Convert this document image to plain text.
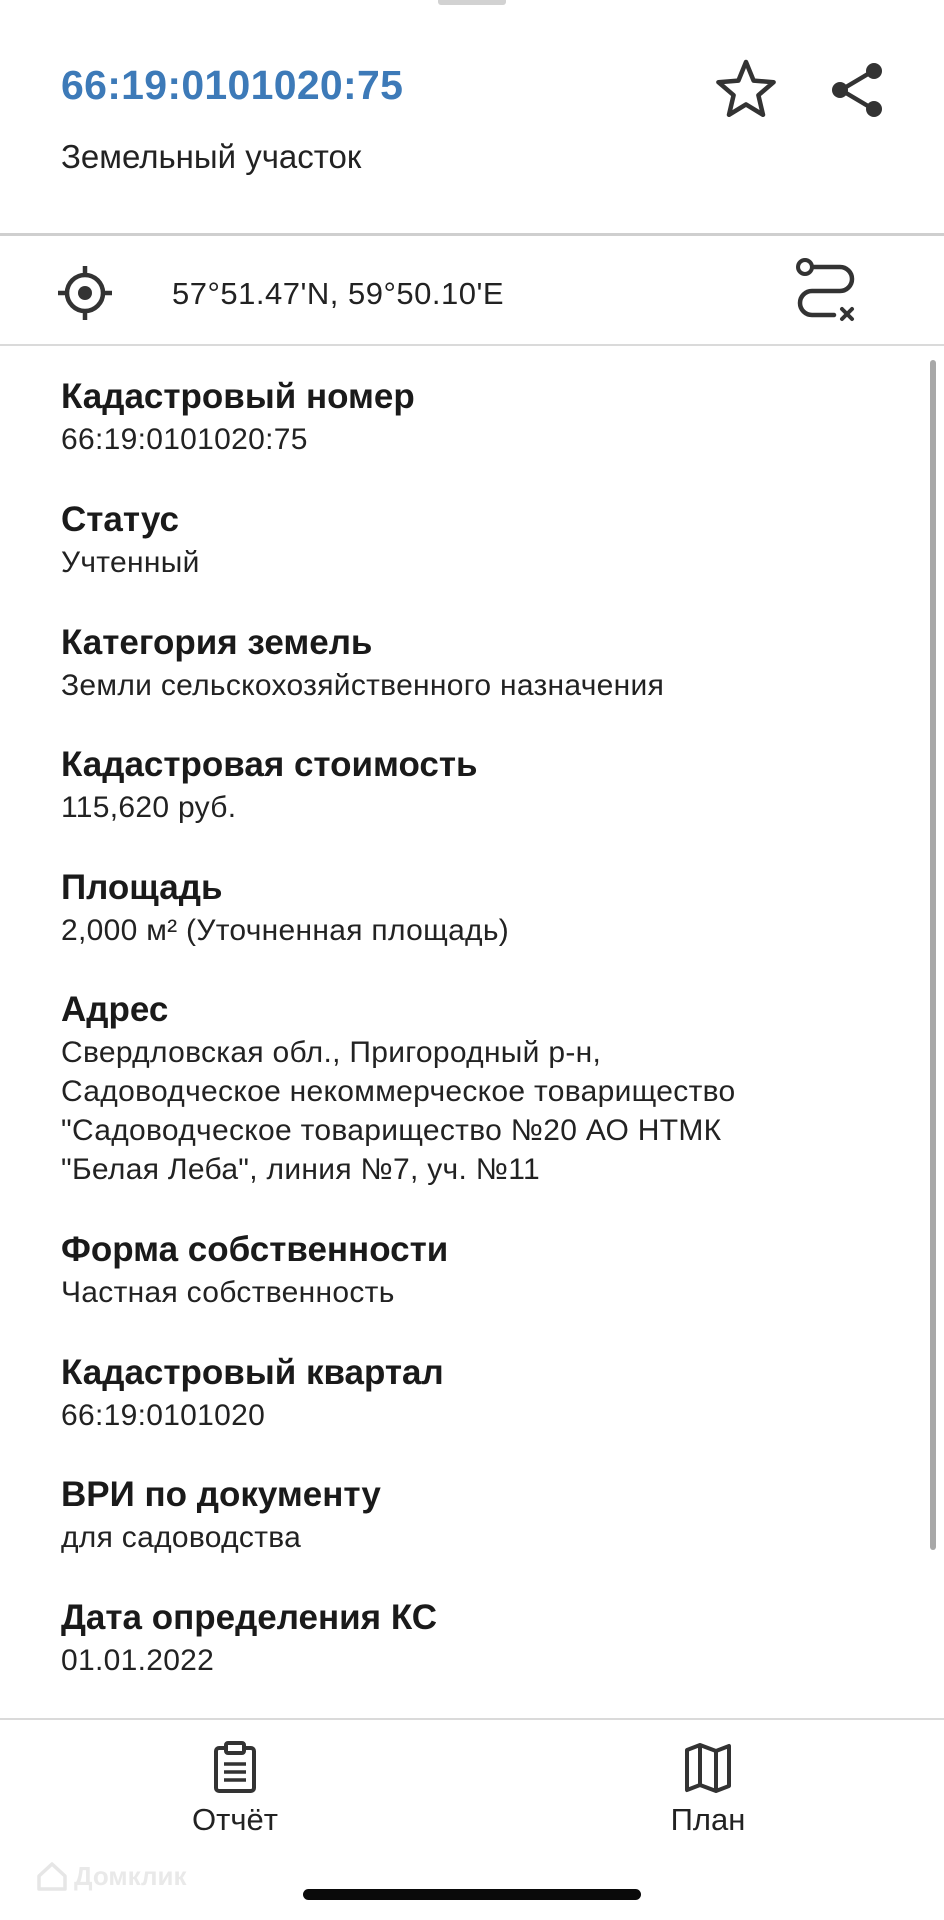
66:19:0101020:75
Земельный участок
57°51.47'N, 59°50.10'E
Кадастровый номер
66:19:0101020:75
Статус
Учтенный
Категория земель
Земли сельскохозяйственного назначения
Кадастровая стоимость
115,620 руб.
Площадь
2,000 м² (Уточненная площадь)
Адрес
Свердловская обл., Пригородный р-н,
Садоводческое некоммерческое товарищество
"Садоводческое товарищество №20 АО НТМК
"Белая Леба", линия №7, уч. №11
Форма собственности
Частная собственность
Кадастровый квартал
66:19:0101020
ВРИ по документу
для садоводства
Дата определения КС
01.01.2022
Отчёт	План
Домклик
